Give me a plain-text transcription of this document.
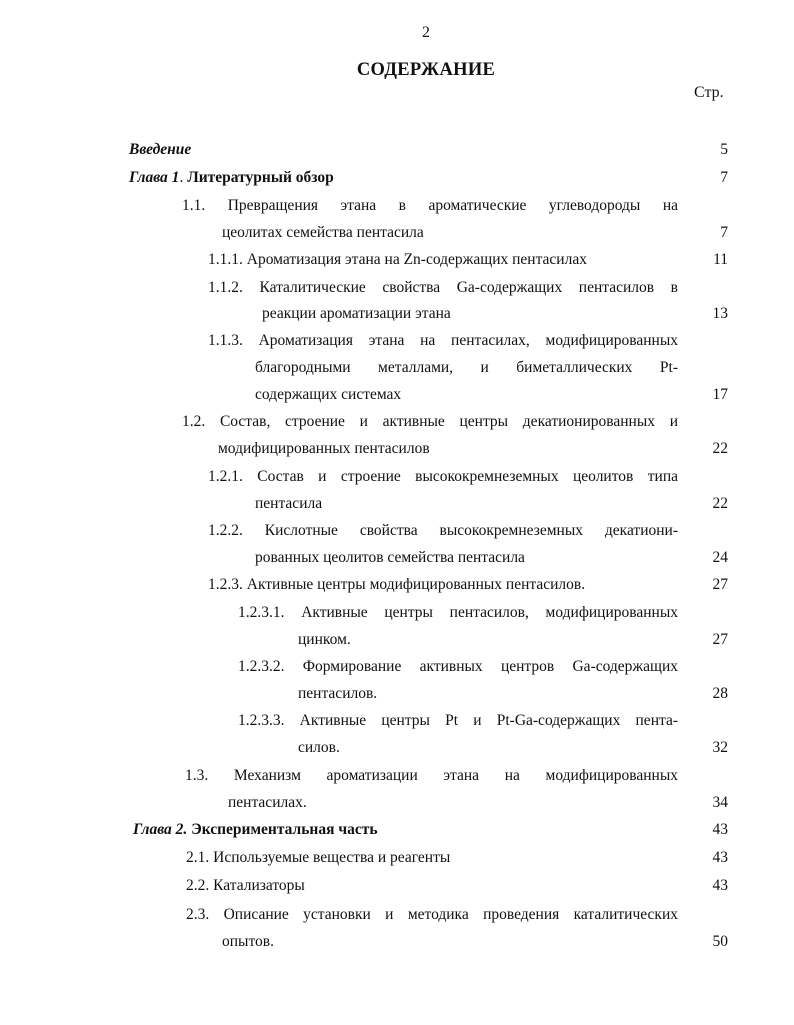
2
СОДЕРЖАНИЕ
Стр.
Введение	5
Глава 1. Литературный обзор	7
1.1. Превращения этана в ароматические углеводороды на
цеолитах семейства пентасила	7
1.1.1. Ароматизация этана на Zn-содержащих пентасилах	11
1.1.2. Каталитические свойства Ga-содержащих пентасилов в
реакции ароматизации этана	13
1.1.3. Ароматизация этана на пентасилах, модифицированных
благородными металлами, и биметаллических Pt-
содержащих системах	17
1.2. Состав, строение и активные центры декатионированных и
модифицированных пентасилов	22
1.2.1. Состав и строение высококремнеземных цеолитов типа
пентасила	22
1.2.2. Кислотные свойства высококремнеземных декатиони-
рованных цеолитов семейства пентасила	24
1.2.3. Активные центры модифицированных пентасилов.	27
1.2.3.1. Активные центры пентасилов, модифицированных
цинком.	27
1.2.3.2. Формирование активных центров Ga-содержащих
пентасилов.	28
1.2.3.3. Активные центры Pt и Pt-Ga-содержащих пента-
силов.	32
1.3. Механизм ароматизации этана на модифицированных
пентасилах.	34
Глава 2. Экспериментальная часть	43
2.1. Используемые вещества и реагенты	43
2.2. Катализаторы	43
2.3. Описание установки и методика проведения каталитических
опытов.	50
